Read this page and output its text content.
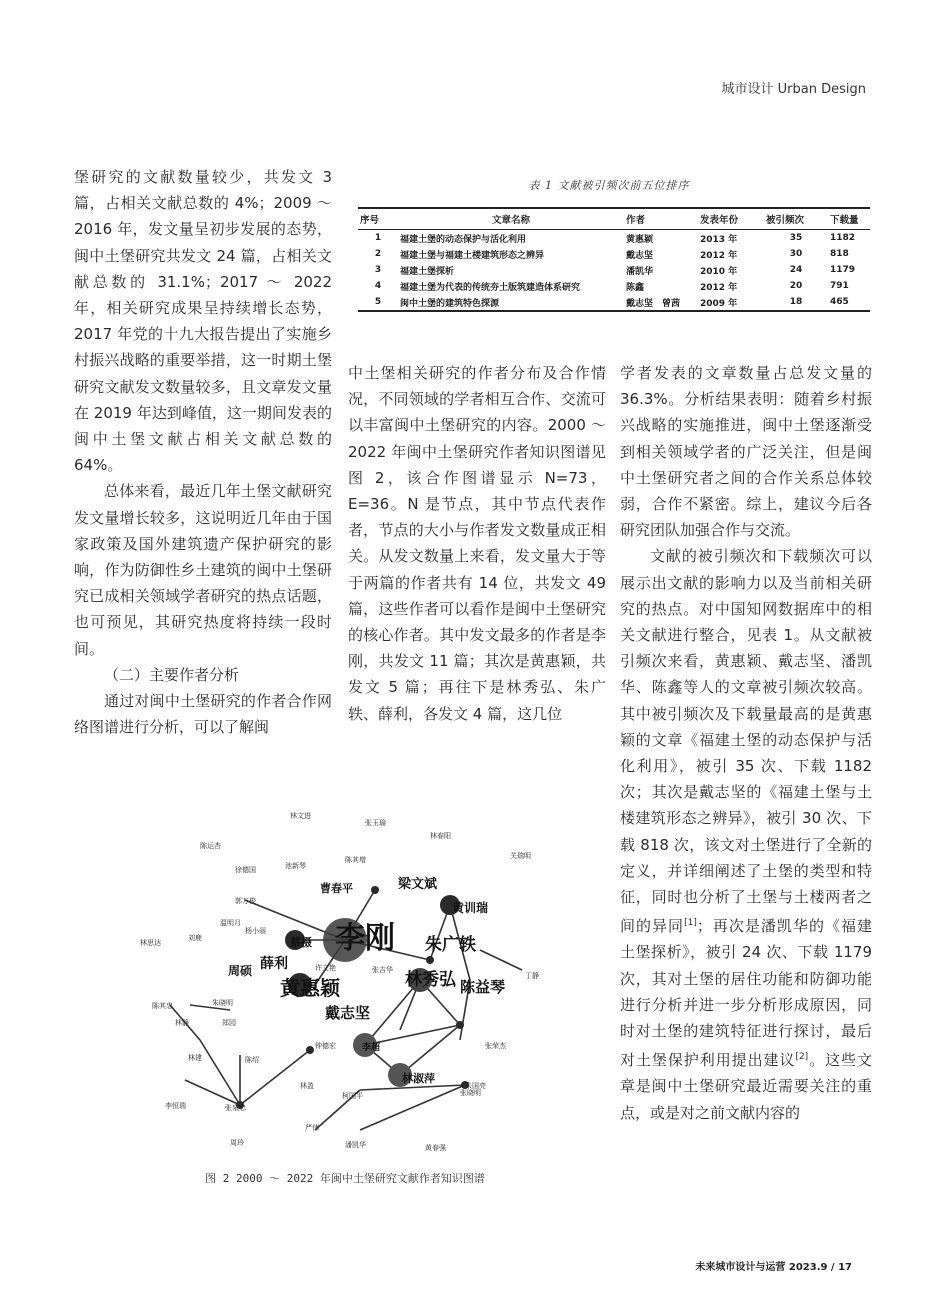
城市设计 Urban Design

堡研究的文献数量较少，共发文 3 篇，占相关文献总数的 4%；2009 ～ 2016 年，发文量呈初步发展的态势，闽中土堡研究共发文 24 篇，占相关文献总数的 31.1%；2017 ～ 2022 年，相关研究成果呈持续增长态势，2017 年党的十九大报告提出了实施乡村振兴战略的重要举措，这一时期土堡研究文献发文数量较多，且文章发文量在 2019 年达到峰值，这一期间发表的闽中土堡文献占相关文献总数的 64%。

总体来看，最近几年土堡文献研究发文量增长较多，这说明近几年由于国家政策及国外建筑遗产保护研究的影响，作为防御性乡土建筑的闽中土堡研究已成相关领域学者研究的热点话题，也可预见，其研究热度将持续一段时间。

（二）主要作者分析

通过对闽中土堡研究的作者合作网络图谱进行分析，可以了解闽

表 1 文献被引频次前五位排序
序号	文章名称	作者	发表年份	被引频次	下载量
1	福建土堡的动态保护与活化利用	黄惠颖	2013 年	35	1182
2	福建土堡与福建土楼建筑形态之辨异	戴志坚	2012 年	30	818
3	福建土堡探析	潘凯华	2010 年	24	1179
4	福建土堡为代表的传统夯土版筑建造体系研究	陈鑫	2012 年	20	791
5	闽中土堡的建筑特色探源	戴志坚　曾茜	2009 年	18	465

中土堡相关研究的作者分布及合作情况，不同领域的学者相互合作、交流可以丰富闽中土堡研究的内容。2000 ～ 2022 年闽中土堡研究作者知识图谱见图 2，该合作图谱显示 N=73，E=36。N 是节点，其中节点代表作者，节点的大小与作者发文数量成正相关。从发文数量上来看，发文量大于等于两篇的作者共有 14 位，共发文 49 篇，这些作者可以看作是闽中土堡研究的核心作者。其中发文最多的作者是李刚，共发文 11 篇；其次是黄惠颖，共发文 5 篇；再往下是林秀弘、朱广轶、薛利，各发文 4 篇，这几位

学者发表的文章数量占总发文量的 36.3%。分析结果表明：随着乡村振兴战略的实施推进，闽中土堡逐渐受到相关领域学者的广泛关注，但是闽中土堡研究者之间的合作关系总体较弱，合作不紧密。综上，建议今后各研究团队加强合作与交流。

文献的被引频次和下载频次可以展示出文献的影响力以及当前相关研究的热点。对中国知网数据库中的相关文献进行整合，见表 1。从文献被引频次来看，黄惠颖、戴志坚、潘凯华、陈鑫等人的文章被引频次较高。其中被引频次及下载量最高的是黄惠颖的文章《福建土堡的动态保护与活化利用》，被引 35 次、下载 1182 次；其次是戴志坚的《福建土堡与土楼建筑形态之辨异》，被引 30 次、下载 818 次，该文对土堡进行了全新的定义，并详细阐述了土堡的类型和特征，同时也分析了土堡与土楼两者之间的异同[1]；再次是潘凯华的《福建土堡探析》，被引 24 次、下载 1179 次，其对土堡的居住功能和防御功能进行分析并进一步分析形成原因，同时对土堡的建筑特征进行探讨，最后对土堡保护利用提出建议[2]。这些文章是闽中土堡研究最近需要关注的重点，或是对之前文献内容的

李刚
黄惠颖
朱广轶
林秀弘 陈益琴
梁文斌
戴志坚
薛利
周硕
曹春平
黄训瑞
林淑萍
蔡摄
李超
林文进
张玉瑜
林春阳
陈运杏
关瑞明
徐德国	池新琴
陈其增
郭万俊
刘鹿
林思达
温明月
杨小丽
许文艳	张吉华
丁静
陈其忠	朱晓明
林静	郑园
钟德宏	张荣杰
林建	陈绍
李恒瑞
周玲	潘凯华	黄春强
林盈
柯国平	张晓明
张泉忠
朱国亮
严伟
图 2 2000 ～ 2022 年闽中土堡研究文献作者知识图谱
未来城市设计与运营 2023.9 / 17
